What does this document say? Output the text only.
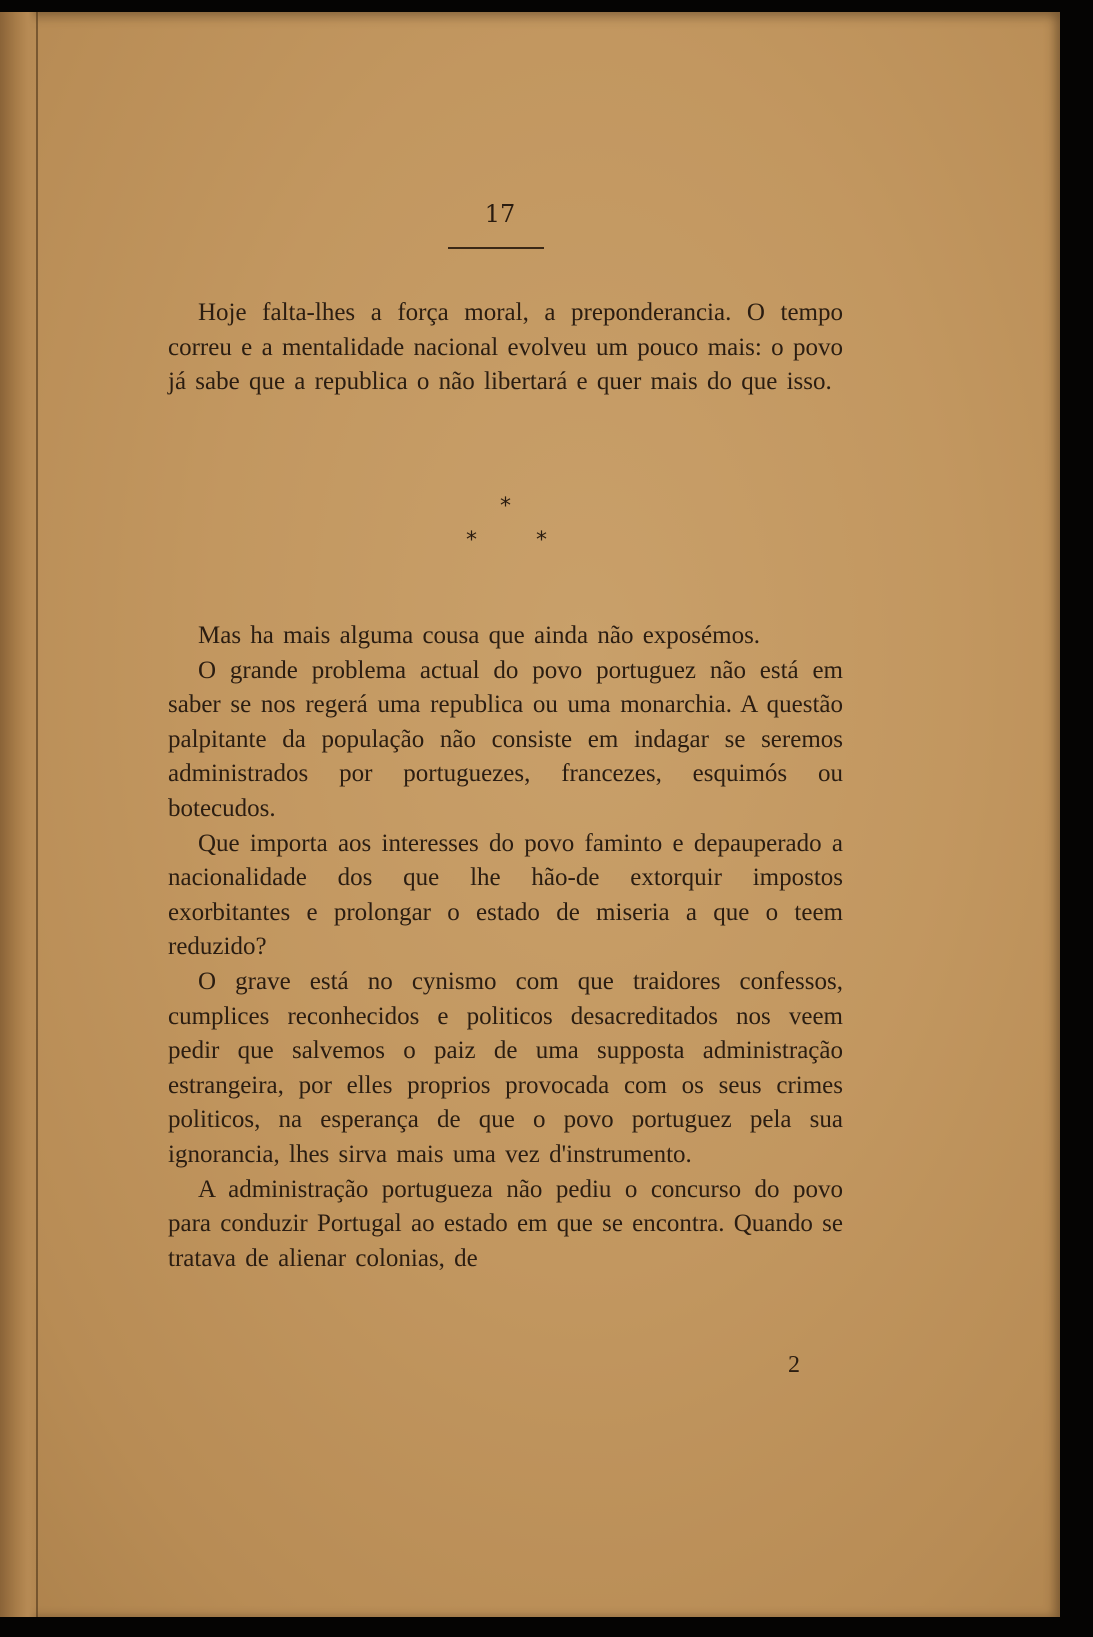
17

Hoje falta-lhes a força moral, a preponderancia. O tempo correu e a mentalidade nacional evolveu um pouco mais: o povo já sabe que a republica o não libertará e quer mais do que isso.

*
*	*

Mas ha mais alguma cousa que ainda não exposémos.

O grande problema actual do povo portuguez não está em saber se nos regerá uma republica ou uma monarchia. A questão palpitante da população não consiste em indagar se seremos administrados por portuguezes, francezes, esquimós ou botecudos.

Que importa aos interesses do povo faminto e depauperado a nacionalidade dos que lhe hão-de extorquir impostos exorbitantes e prolongar o estado de miseria a que o teem reduzido?

O grave está no cynismo com que traidores confessos, cumplices reconhecidos e politicos desacreditados nos veem pedir que salvemos o paiz de uma supposta administração estrangeira, por elles proprios provocada com os seus crimes politicos, na esperança de que o povo portuguez pela sua ignorancia, lhes sirva mais uma vez d'instrumento.

A administração portugueza não pediu o concurso do povo para conduzir Portugal ao estado em que se encontra. Quando se tratava de alienar colonias, de

2
